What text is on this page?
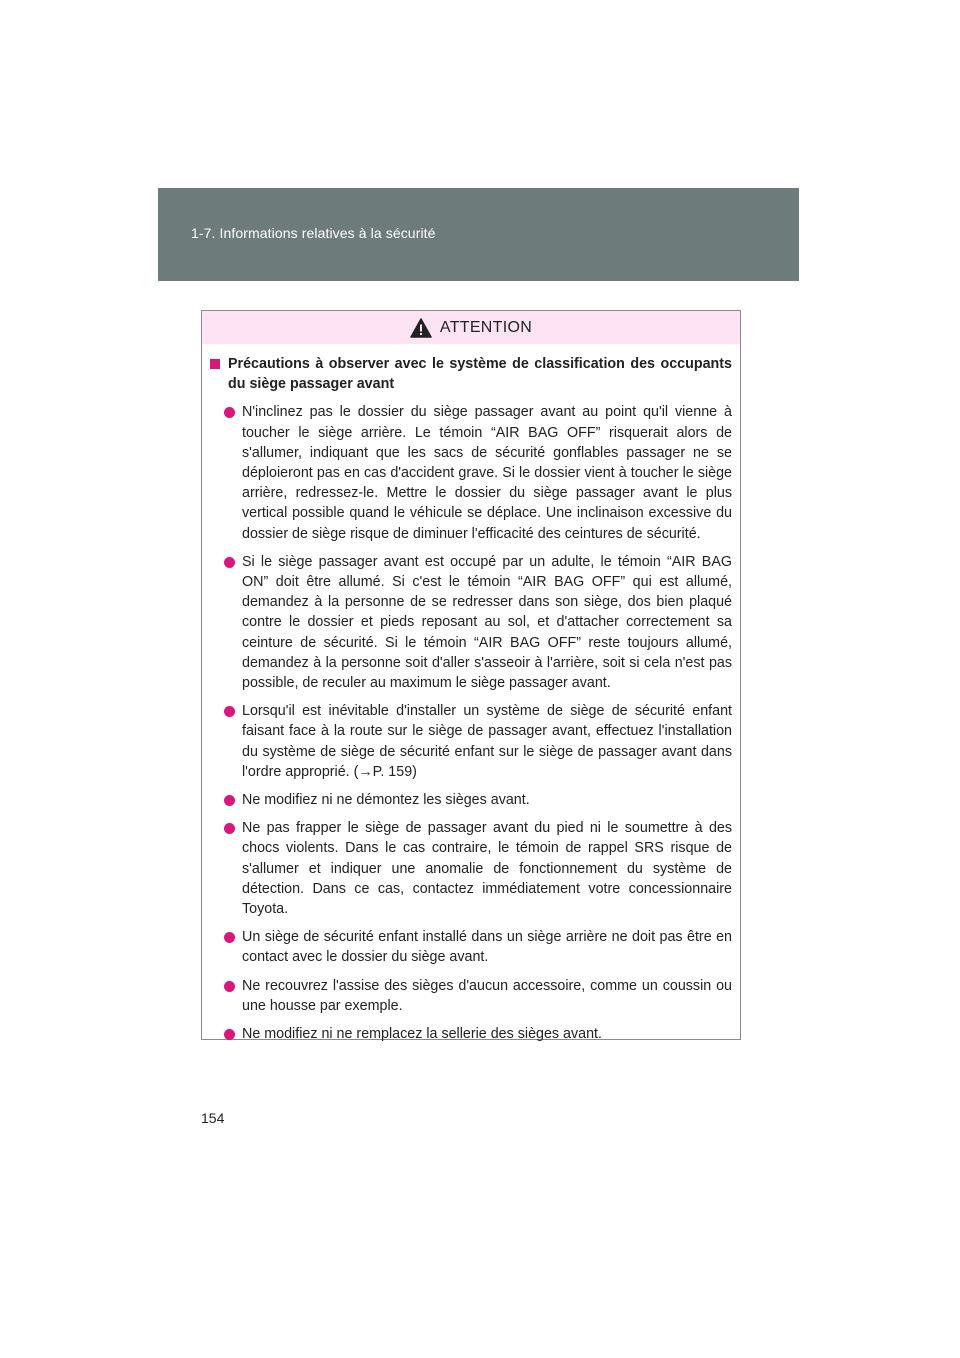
1-7. Informations relatives à la sécurité
ATTENTION
Précautions à observer avec le système de classification des occupants du siège passager avant
N'inclinez pas le dossier du siège passager avant au point qu'il vienne à toucher le siège arrière. Le témoin “AIR BAG OFF” risquerait alors de s'allumer, indiquant que les sacs de sécurité gonflables passager ne se déploieront pas en cas d'accident grave. Si le dossier vient à toucher le siège arrière, redressez-le. Mettre le dossier du siège passager avant le plus vertical possible quand le véhicule se déplace. Une inclinaison excessive du dossier de siège risque de diminuer l'efficacité des ceintures de sécurité.
Si le siège passager avant est occupé par un adulte, le témoin “AIR BAG ON” doit être allumé. Si c'est le témoin “AIR BAG OFF” qui est allumé, demandez à la personne de se redresser dans son siège, dos bien plaqué contre le dossier et pieds reposant au sol, et d'attacher correctement sa ceinture de sécurité. Si le témoin “AIR BAG OFF” reste toujours allumé, demandez à la personne soit d'aller s'asseoir à l'arrière, soit si cela n'est pas possible, de reculer au maximum le siège passager avant.
Lorsqu'il est inévitable d'installer un système de siège de sécurité enfant faisant face à la route sur le siège de passager avant, effectuez l'installation du système de siège de sécurité enfant sur le siège de passager avant dans l'ordre approprié. (→P. 159)
Ne modifiez ni ne démontez les sièges avant.
Ne pas frapper le siège de passager avant du pied ni le soumettre à des chocs violents. Dans le cas contraire, le témoin de rappel SRS risque de s'allumer et indiquer une anomalie de fonctionnement du système de détection. Dans ce cas, contactez immédiatement votre concessionnaire Toyota.
Un siège de sécurité enfant installé dans un siège arrière ne doit pas être en contact avec le dossier du siège avant.
Ne recouvrez l'assise des sièges d'aucun accessoire, comme un coussin ou une housse par exemple.
Ne modifiez ni ne remplacez la sellerie des sièges avant.
154
